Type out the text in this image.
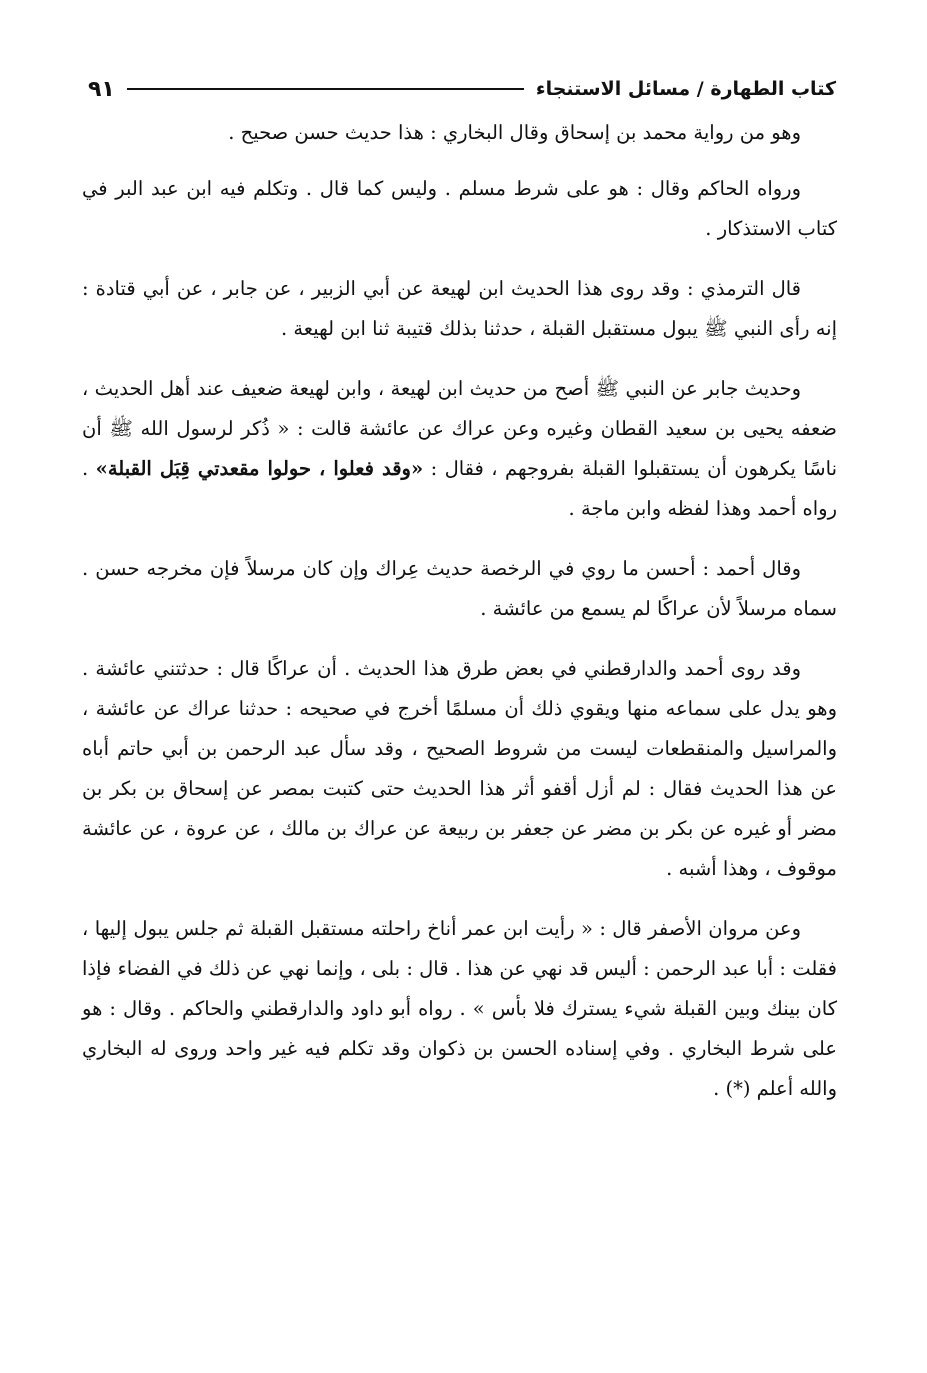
كتاب الطهارة / مسائل الاستنجاء
٩١

وهو من رواية محمد بن إسحاق وقال البخاري : هذا حديث حسن صحيح .

ورواه الحاكم وقال : هو على شرط مسلم . وليس كما قال . وتكلم فيه ابن عبد البر في كتاب الاستذكار .

قال الترمذي : وقد روى هذا الحديث ابن لهيعة عن أبي الزبير ، عن جابر ، عن أبي قتادة : إنه رأى النبي ﷺ يبول مستقبل القبلة ، حدثنا بذلك قتيبة ثنا ابن لهيعة .

وحديث جابر عن النبي ﷺ أصح من حديث ابن لهيعة ، وابن لهيعة ضعيف عند أهل الحديث ، ضعفه يحيى بن سعيد القطان وغيره وعن عراك عن عائشة قالت : « ذُكر لرسول الله ﷺ أن ناسًا يكرهون أن يستقبلوا القبلة بفروجهم ، فقال : «وقد فعلوا ، حولوا مقعدتي قِبَل القبلة» . رواه أحمد وهذا لفظه وابن ماجة .

وقال أحمد : أحسن ما روي في الرخصة حديث عِراك وإن كان مرسلاً فإن مخرجه حسن . سماه مرسلاً لأن عراكًا لم يسمع من عائشة .

وقد روى أحمد والدارقطني في بعض طرق هذا الحديث . أن عراكًا قال : حدثتني عائشة . وهو يدل على سماعه منها ويقوي ذلك أن مسلمًا أخرج في صحيحه : حدثنا عراك عن عائشة ، والمراسيل والمنقطعات ليست من شروط الصحيح ، وقد سأل عبد الرحمن بن أبي حاتم أباه عن هذا الحديث فقال : لم أزل أقفو أثر هذا الحديث حتى كتبت بمصر عن إسحاق بن بكر بن مضر أو غيره عن بكر بن مضر عن جعفر بن ربيعة عن عراك بن مالك ، عن عروة ، عن عائشة موقوف ، وهذا أشبه .

وعن مروان الأصفر قال : « رأيت ابن عمر أناخ راحلته مستقبل القبلة ثم جلس يبول إليها ، فقلت : أبا عبد الرحمن : أليس قد نهي عن هذا . قال : بلى ، وإنما نهي عن ذلك في الفضاء فإذا كان بينك وبين القبلة شيء يسترك فلا بأس » . رواه أبو داود والدارقطني والحاكم . وقال : هو على شرط البخاري . وفي إسناده الحسن بن ذكوان وقد تكلم فيه غير واحد وروى له البخاري والله أعلم (*) .
